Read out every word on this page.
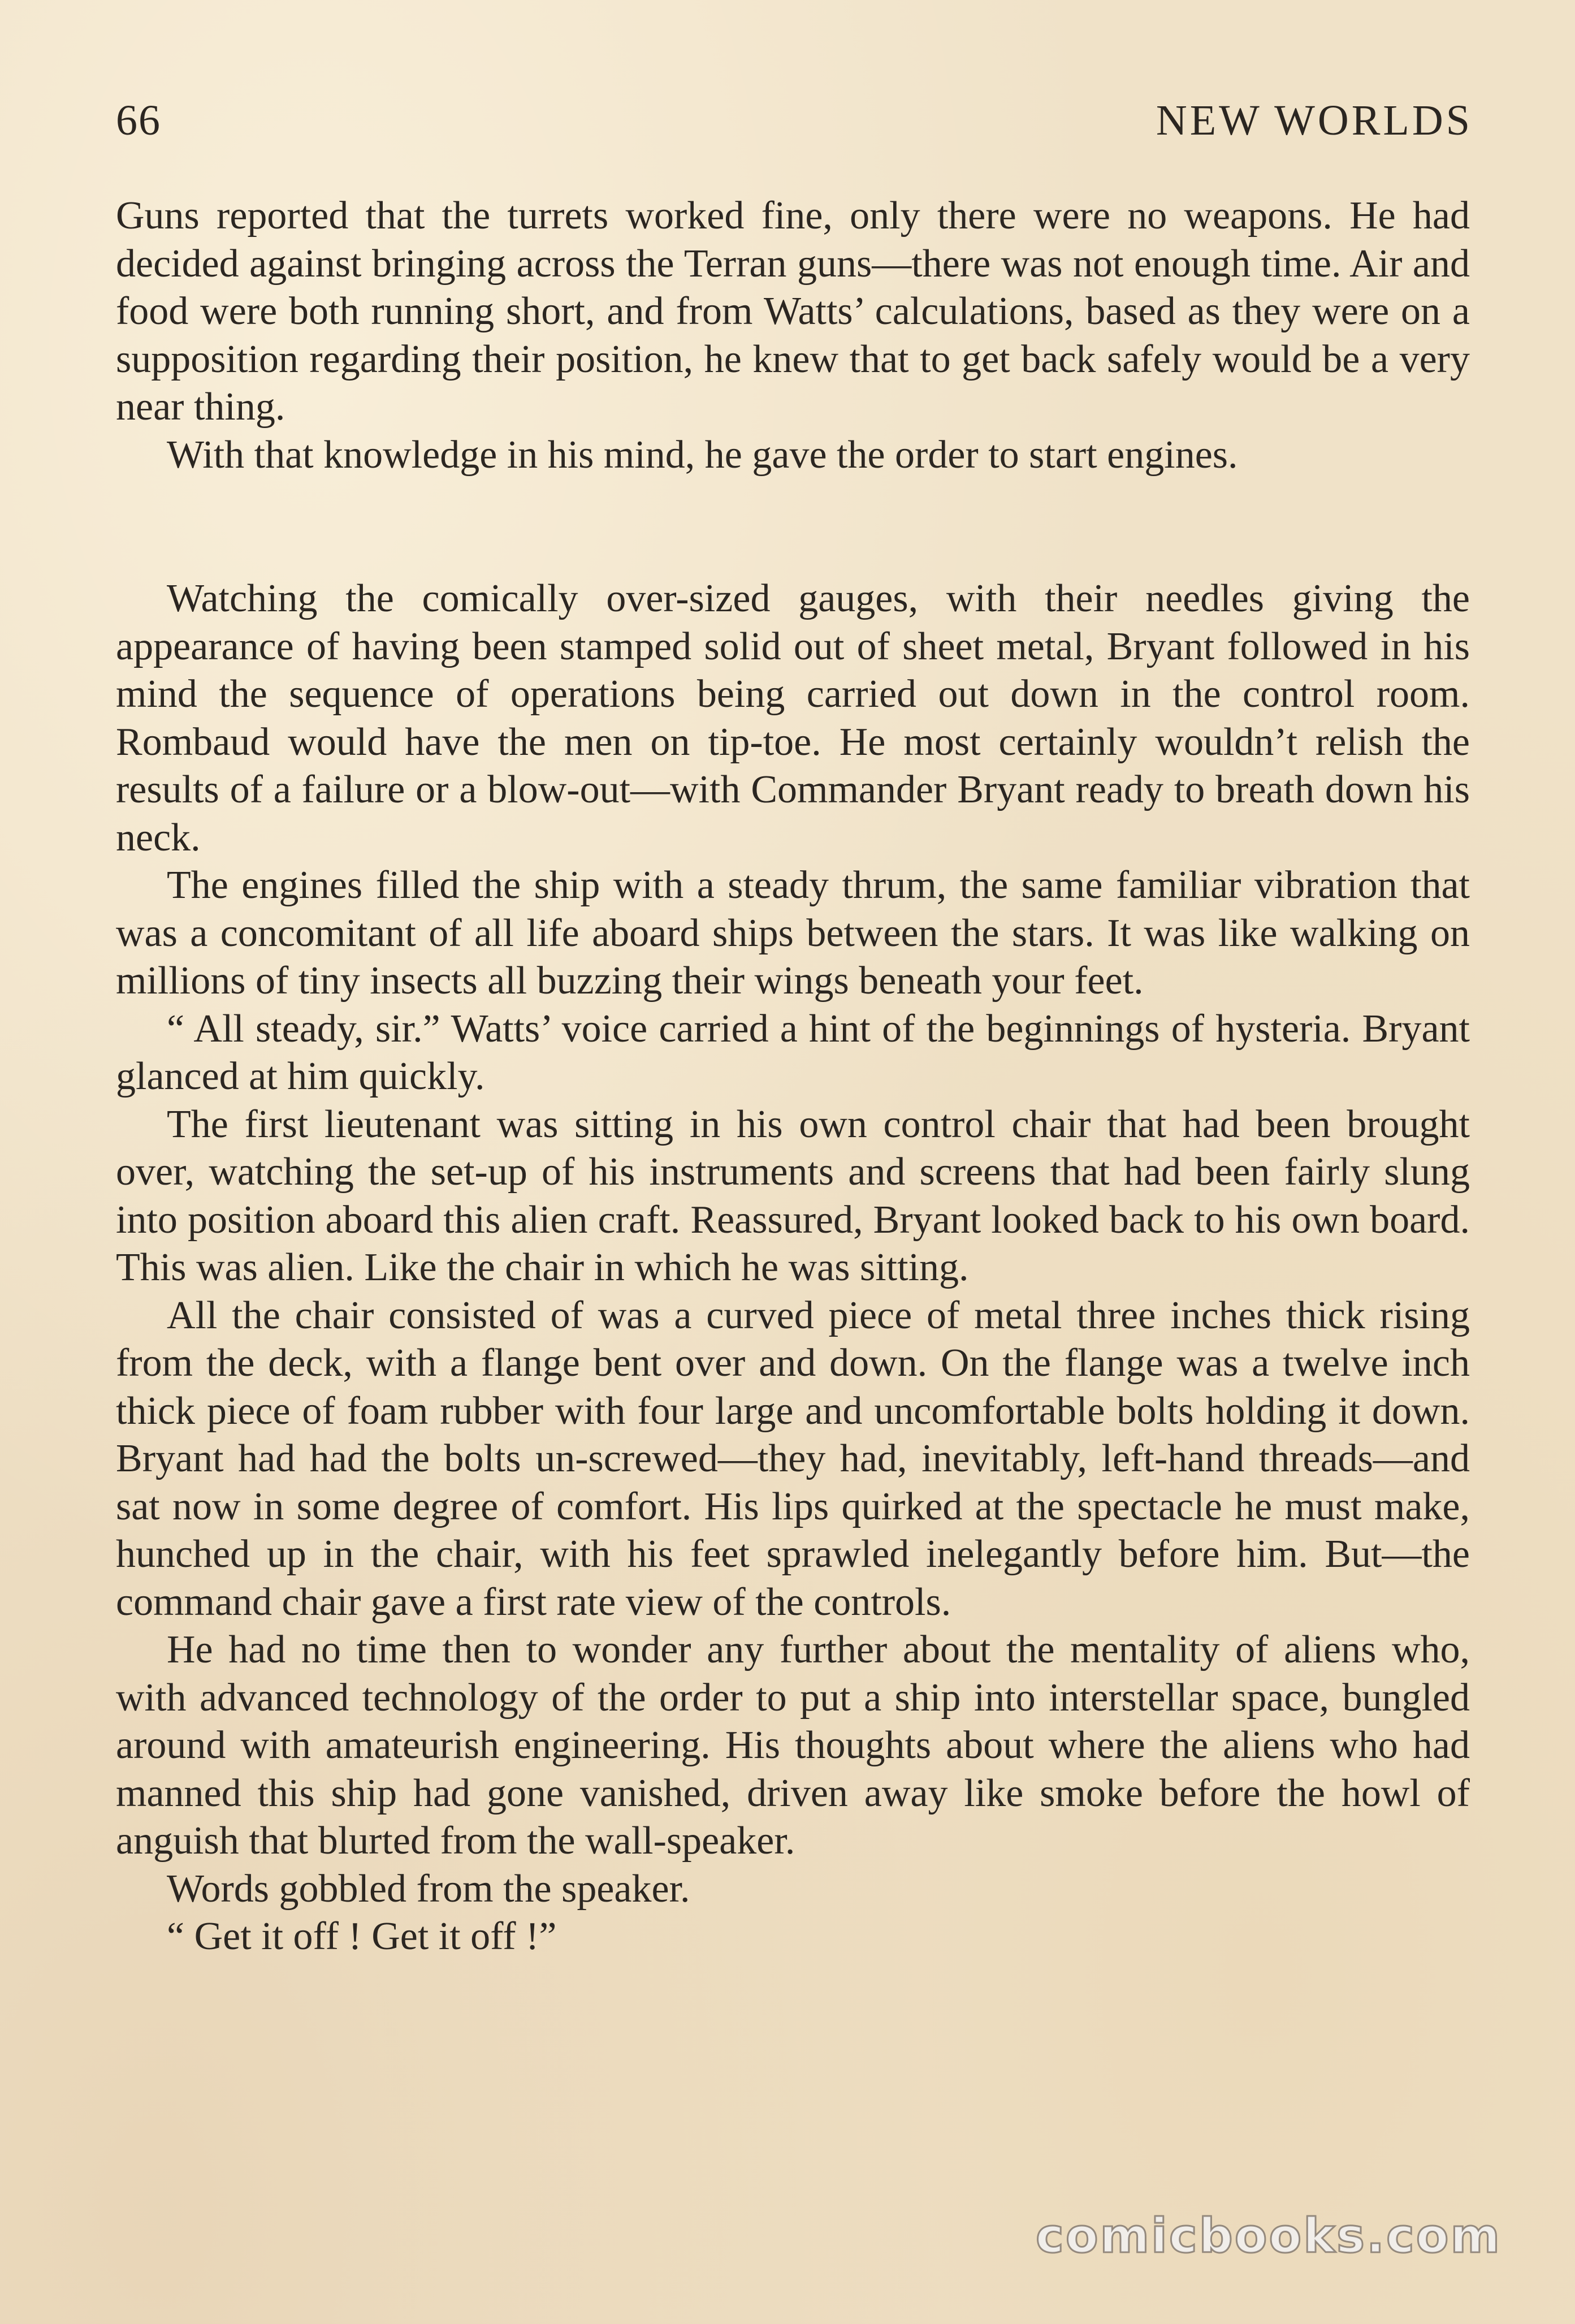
66	NEW WORLDS

Guns reported that the turrets worked fine, only there were no weapons. He had decided against bringing across the Terran guns—there was not enough time. Air and food were both running short, and from Watts’ calculations, based as they were on a supposition regarding their position, he knew that to get back safely would be a very near thing.

With that knowledge in his mind, he gave the order to start engines.

Watching the comically over-sized gauges, with their needles giving the appearance of having been stamped solid out of sheet metal, Bryant followed in his mind the sequence of operations being carried out down in the control room. Rombaud would have the men on tip-toe. He most certainly wouldn’t relish the results of a failure or a blow-out—with Commander Bryant ready to breath down his neck.

The engines filled the ship with a steady thrum, the same familiar vibration that was a concomitant of all life aboard ships between the stars. It was like walking on millions of tiny insects all buzzing their wings beneath your feet.

“ All steady, sir.” Watts’ voice carried a hint of the beginnings of hysteria. Bryant glanced at him quickly.

The first lieutenant was sitting in his own control chair that had been brought over, watching the set-up of his instruments and screens that had been fairly slung into position aboard this alien craft. Reassured, Bryant looked back to his own board. This was alien. Like the chair in which he was sitting.

All the chair consisted of was a curved piece of metal three inches thick rising from the deck, with a flange bent over and down. On the flange was a twelve inch thick piece of foam rubber with four large and uncomfortable bolts holding it down. Bryant had had the bolts un-screwed—they had, inevitably, left-hand threads—and sat now in some degree of comfort. His lips quirked at the spectacle he must make, hunched up in the chair, with his feet sprawled inelegantly before him. But—the command chair gave a first rate view of the controls.

He had no time then to wonder any further about the mentality of aliens who, with advanced technology of the order to put a ship into interstellar space, bungled around with amateurish engineering. His thoughts about where the aliens who had manned this ship had gone vanished, driven away like smoke before the howl of anguish that blurted from the wall-speaker.

Words gobbled from the speaker.

“ Get it off ! Get it off !”

comicbooks.com
